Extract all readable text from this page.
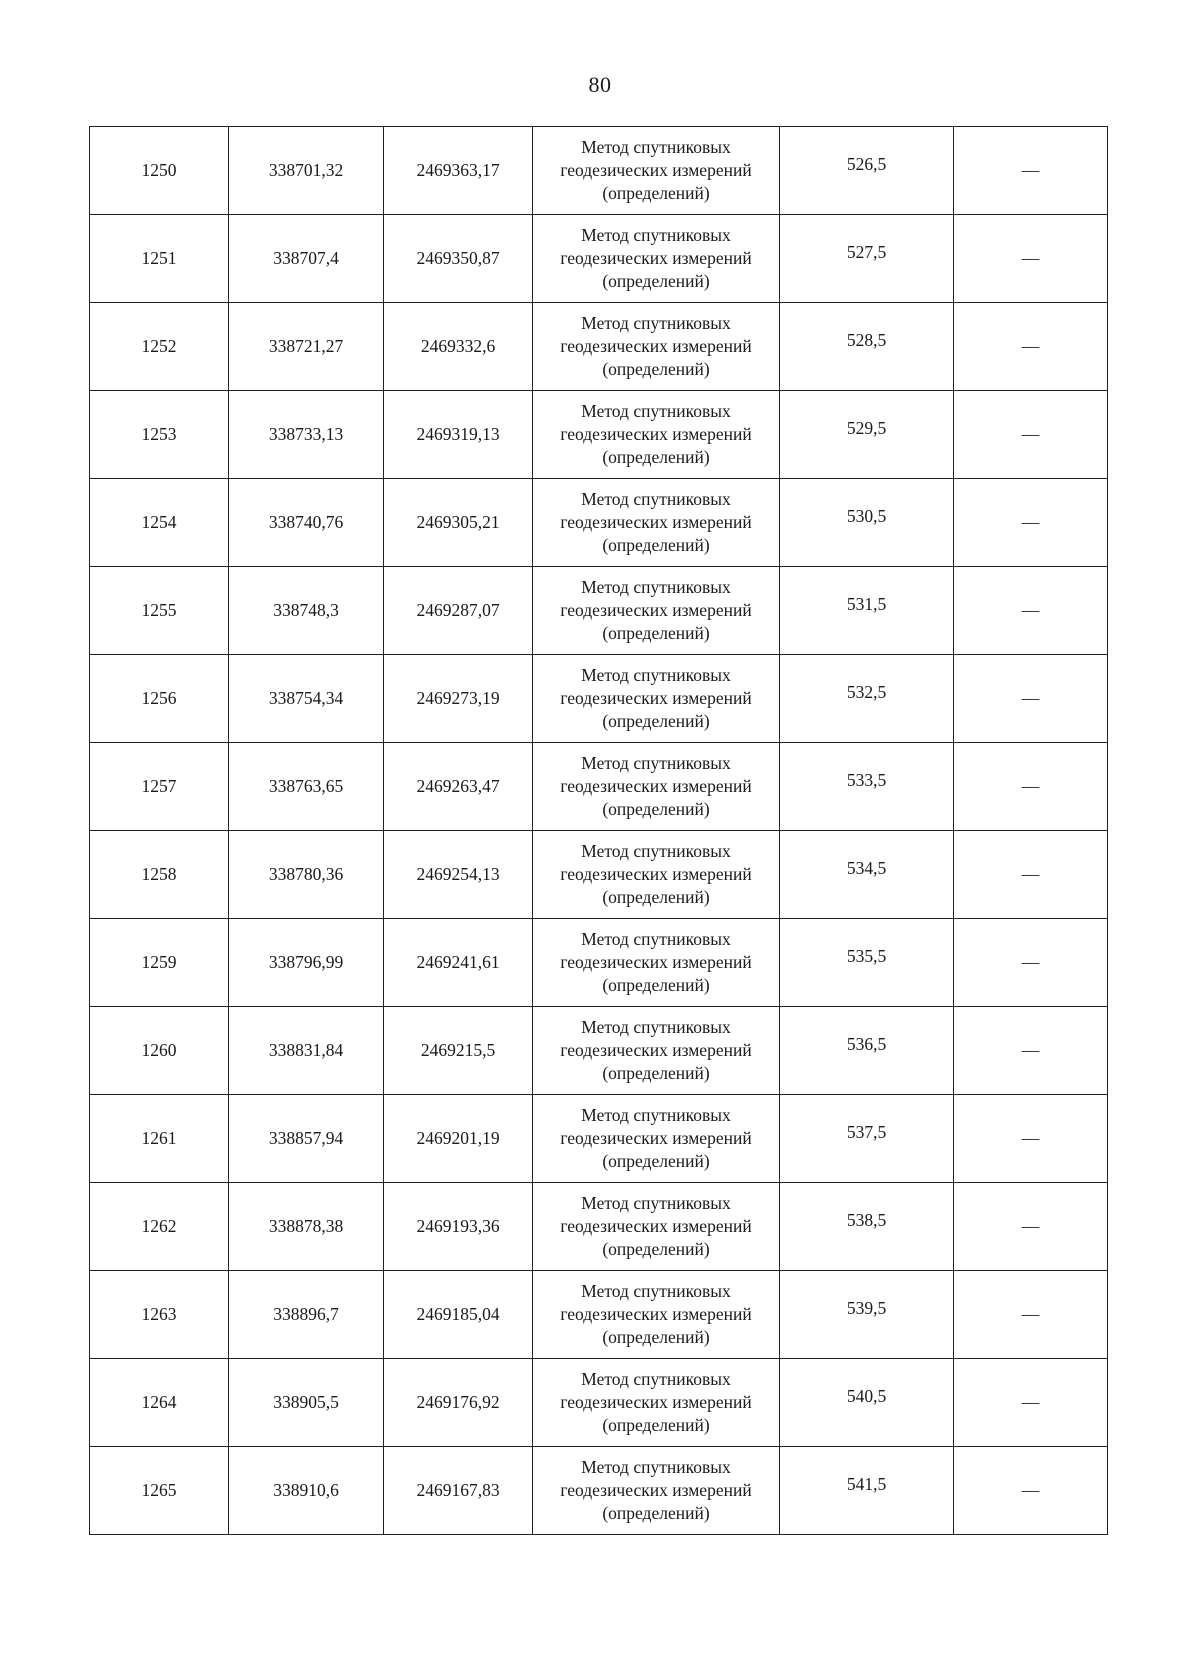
80
1250	338701,32	2469363,17	Метод спутниковых
геодезических измерений
(определений)	526,5	—
1251	338707,4	2469350,87	Метод спутниковых
геодезических измерений
(определений)	527,5	—
1252	338721,27	2469332,6	Метод спутниковых
геодезических измерений
(определений)	528,5	—
1253	338733,13	2469319,13	Метод спутниковых
геодезических измерений
(определений)	529,5	—
1254	338740,76	2469305,21	Метод спутниковых
геодезических измерений
(определений)	530,5	—
1255	338748,3	2469287,07	Метод спутниковых
геодезических измерений
(определений)	531,5	—
1256	338754,34	2469273,19	Метод спутниковых
геодезических измерений
(определений)	532,5	—
1257	338763,65	2469263,47	Метод спутниковых
геодезических измерений
(определений)	533,5	—
1258	338780,36	2469254,13	Метод спутниковых
геодезических измерений
(определений)	534,5	—
1259	338796,99	2469241,61	Метод спутниковых
геодезических измерений
(определений)	535,5	—
1260	338831,84	2469215,5	Метод спутниковых
геодезических измерений
(определений)	536,5	—
1261	338857,94	2469201,19	Метод спутниковых
геодезических измерений
(определений)	537,5	—
1262	338878,38	2469193,36	Метод спутниковых
геодезических измерений
(определений)	538,5	—
1263	338896,7	2469185,04	Метод спутниковых
геодезических измерений
(определений)	539,5	—
1264	338905,5	2469176,92	Метод спутниковых
геодезических измерений
(определений)	540,5	—
1265	338910,6	2469167,83	Метод спутниковых
геодезических измерений
(определений)	541,5	—
